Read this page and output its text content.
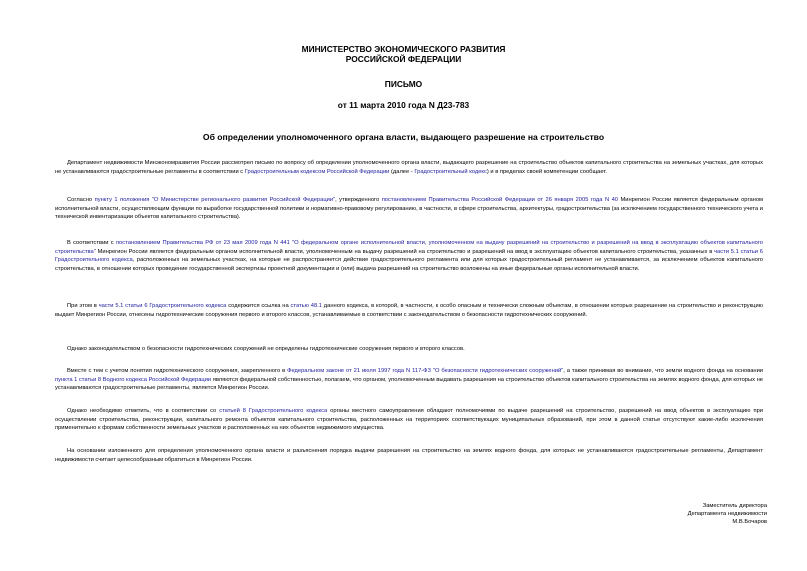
МИНИСТЕРСТВО ЭКОНОМИЧЕСКОГО РАЗВИТИЯ
РОССИЙСКОЙ ФЕДЕРАЦИИ
ПИСЬМО
от 11 марта 2010 года N Д23-783
Об определении уполномоченного органа власти, выдающего разрешение на строительство

Департамент недвижимости Минэкономразвития России рассмотрел письмо по вопросу об определении уполномоченного органа власти, выдающего разрешение на строительство объектов капитального строительства на земельных участках, для которых не устанавливаются градостроительные регламенты в соответствии с Градостроительным кодексом Российской Федерации (далее - Градостроительный кодекс) и в пределах своей компетенции сообщает.

Согласно пункту 1 положения "О Министерстве регионального развития Российской Федерации", утвержденного постановлением Правительства Российской Федерации от 26 января 2005 года N 40 Минрегион России является федеральным органом исполнительной власти, осуществляющим функции по выработке государственной политики и нормативно-правовому регулированию, в частности, в сфере строительства, архитектуры, градостроительства (за исключением государственного технического учета и технической инвентаризации объектов капитального строительства).

В соответствии с постановлением Правительства РФ от 23 мая 2009 года N 441 "О федеральном органе исполнительной власти, уполномоченном на выдачу разрешений на строительство и разрешений на ввод в эксплуатацию объектов капитального строительства" Минрегион России является федеральным органом исполнительной власти, уполномоченным на выдачу разрешений на строительство и разрешений на ввод в эксплуатацию объектов капитального строительства, указанных в части 5.1 статьи 6 Градостроительного кодекса, расположенных на земельных участках, на которые не распространяется действие градостроительного регламента или для которых градостроительный регламент не устанавливается, за исключением объектов капитального строительства, в отношении которых проведение государственной экспертизы проектной документации и (или) выдача разрешений на строительство возложены на иные федеральные органы исполнительной власти.

При этом в части 5.1 статьи 6 Градостроительного кодекса содержится ссылка на статью 48.1 данного кодекса, в которой, в частности, к особо опасным и технически сложным объектам, в отношении которых разрешение на строительство и реконструкцию выдает Минрегион России, отнесены гидротехнические сооружения первого и второго классов, устанавливаемые в соответствии с законодательством о безопасности гидротехнических сооружений.

Однако законодательством о безопасности гидротехнических сооружений не определены гидротехнические сооружения первого и второго классов.

Вместе с тем с учетом понятия гидротехнического сооружения, закрепленного в Федеральном законе от 21 июля 1997 года N 117-ФЗ "О безопасности гидротехнических сооружений", а также принимая во внимание, что земли водного фонда на основании пункта 1 статьи 8 Водного кодекса Российской Федерации являются федеральной собственностью, полагаем, что органом, уполномоченным выдавать разрешения на строительство объектов капитального строительства на землях водного фонда, для которых не устанавливаются градостроительные регламенты, является Минрегион России.

Однако необходимо отметить, что в соответствии со статьей 8 Градостроительного кодекса органы местного самоуправления обладают полномочиями по выдаче разрешений на строительство, разрешений на ввод объектов в эксплуатацию при осуществлении строительства, реконструкции, капитального ремонта объектов капитального строительства, расположенных на территориях соответствующих муниципальных образований, при этом в данной статье отсутствуют какие-либо исключения применительно к формам собственности земельных участков и расположенных на них объектов недвижимого имущества.

На основании изложенного для определения уполномоченного органа власти и разъяснения порядка выдачи разрешения на строительство на землях водного фонда, для которых не устанавливаются градостроительные регламенты, Департамент недвижимости считает целесообразным обратиться в Минрегион России.

Заместитель директора
Департамента недвижимости
М.В.Бочаров
